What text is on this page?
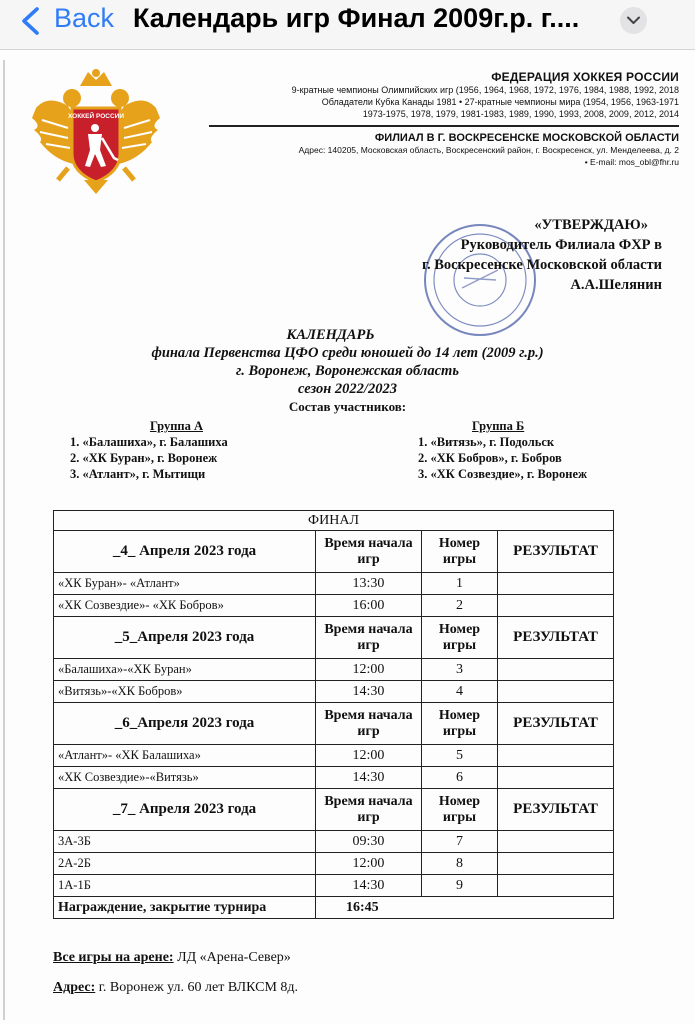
Back Календарь игр Финал 2009г.р. г....
ХОККЕЙ РОССИИ
ФЕДЕРАЦИЯ ХОККЕЯ РОССИИ
9-кратные чемпионы Олимпийских игр (1956, 1964, 1968, 1972, 1976, 1984, 1988, 1992, 2018
Обладатели Кубка Канады 1981 • 27-кратные чемпионы мира (1954, 1956, 1963-1971
1973-1975, 1978, 1979, 1981-1983, 1989, 1990, 1993, 2008, 2009, 2012, 2014
ФИЛИАЛ В Г. ВОСКРЕСЕНСКЕ МОСКОВСКОЙ ОБЛАСТИ
Адрес: 140205, Московская область, Воскресенский район, г. Воскресенск, ул. Менделеева, д. 2
• E-mail: mos_obl@fhr.ru
«УТВЕРЖДАЮ»
Руководитель Филиала ФХР в
г. Воскресенске Московской области
А.А.Шелянин
КАЛЕНДАРЬ
финала Первенства ЦФО среди юношей до 14 лет (2009 г.р.)
г. Воронеж, Воронежская область
сезон 2022/2023
Состав участников:
Группа А
1. «Балашиха», г. Балашиха
2. «ХК Буран», г. Воронеж
3. «Атлант», г. Мытищи
Группа Б
1. «Витязь», г. Подольск
2. «ХК Бобров», г. Бобров
3. «ХК Созвездие», г. Воронеж
ФИНАЛ			
_4_ Апреля 2023 года	Время начала игр	Номер игры	РЕЗУЛЬТАТ
«ХК Буран»- «Атлант»	13:30	1	
«ХК Созвездие»- «ХК Бобров»	16:00	2	
_5_Апреля 2023 года	Время начала игр	Номер игры	РЕЗУЛЬТАТ
«Балашиха»-«ХК Буран»	12:00	3	
«Витязь»-«ХК Бобров»	14:30	4	
_6_Апреля 2023 года	Время начала игр	Номер игры	РЕЗУЛЬТАТ
«Атлант»- «ХК Балашиха»	12:00	5	
«ХК Созвездие»-«Витязь»	14:30	6	
_7_ Апреля 2023 года	Время начала игр	Номер игры	РЕЗУЛЬТАТ
3А-3Б	09:30	7	
2А-2Б	12:00	8	
1А-1Б	14:30	9	
Награждение, закрытие турнира	16:45		
Все игры на арене: ЛД «Арена-Север»
Адрес: г. Воронеж ул. 60 лет ВЛКСМ 8д.
